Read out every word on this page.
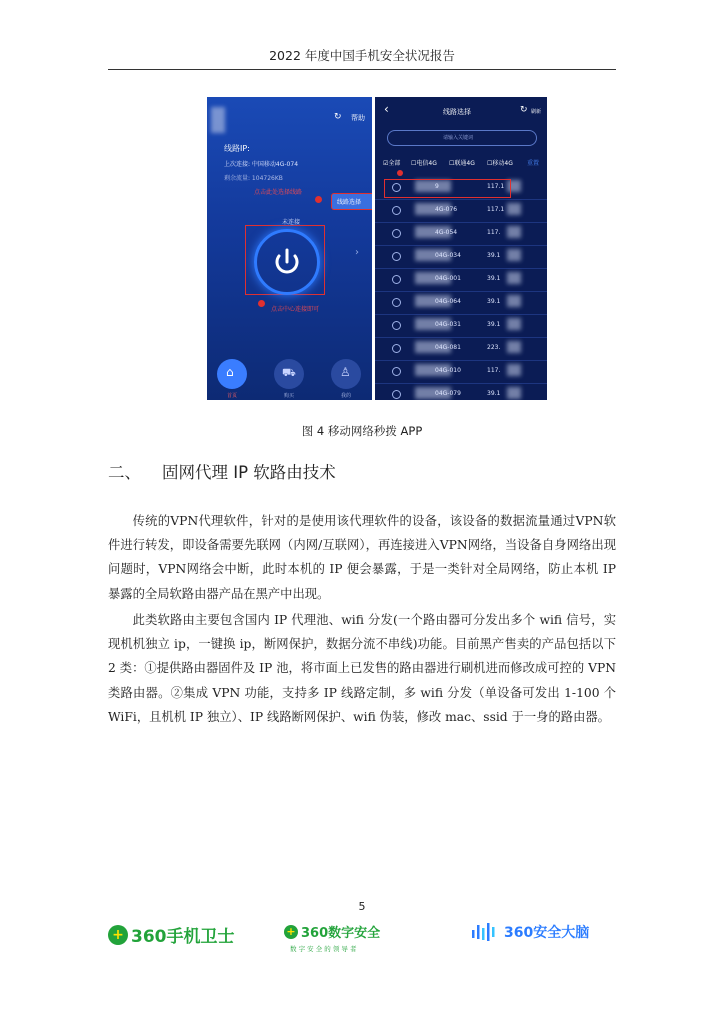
2022 年度中国手机安全状况报告
↻ 帮助
线路IP:
上次连接: 中国移动4G-074
剩余流量: 104726KB
点击此处选择线路
线路选择
未连接
›
点击中心连接即可
⌂	⛟	♙
首页	购买	我的
‹	线路选择	↻ 刷新
请输入关键词
☑全部 ☐电信4G ☐联通4G ☐移动4G 重置
9	117.1
4G-076	117.1
4G-054	117.
04G-034	39.1
04G-001	39.1
04G-064	39.1
04G-031	39.1
04G-081	223.
04G-010	117.
04G-079	39.1
图 4 移动网络秒拨 APP
二、 固网代理 IP 软路由技术

传统的VPN代理软件，针对的是使用该代理软件的设备，该设备的数据流量通过VPN软件进行转发，即设备需要先联网（内网/互联网），再连接进入VPN网络，当设备自身网络出现问题时，VPN网络会中断，此时本机的 IP 便会暴露，于是一类针对全局网络，防止本机 IP 暴露的全局软路由器产品在黑产中出现。

此类软路由主要包含国内 IP 代理池、wifi 分发(一个路由器可分发出多个 wifi 信号，实现机机独立 ip，一键换 ip，断网保护，数据分流不串线)功能。目前黑产售卖的产品包括以下 2 类：①提供路由器固件及 IP 池，将市面上已发售的路由器进行刷机进而修改成可控的 VPN 类路由器。②集成 VPN 功能，支持多 IP 线路定制，多 wifi 分发（单设备可发出 1-100 个 WiFi，且机机 IP 独立）、IP 线路断网保护、wifi 伪装，修改 mac、ssid 于一身的路由器。

5
+ 360手机卫士	+ 360数字安全
数 字 安 全 的 领 导 者
360安全大脑
